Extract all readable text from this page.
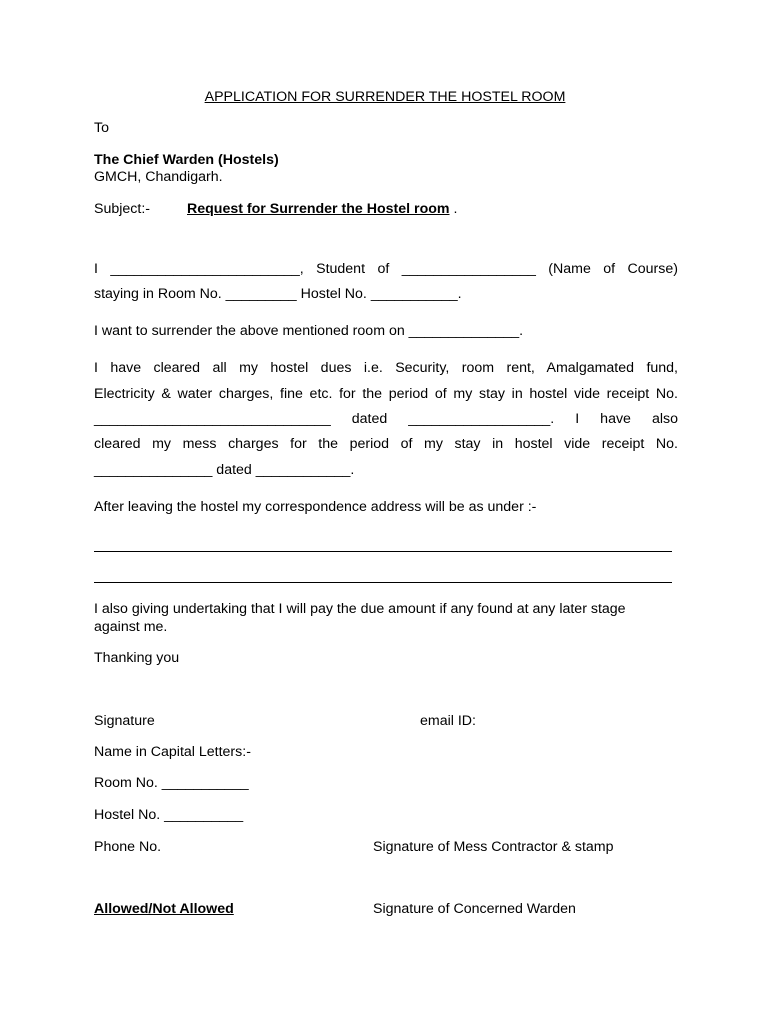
APPLICATION FOR SURRENDER THE HOSTEL ROOM
To
The Chief Warden (Hostels)
GMCH, Chandigarh.
Subject:-	Request for Surrender the Hostel room .
I ________________________, Student of _________________ (Name of Course)
staying in Room No. _________ Hostel No. ___________.
I want to surrender the above mentioned room on ______________.
I have cleared all my hostel dues i.e. Security, room rent, Amalgamated fund,
Electricity & water charges, fine etc. for the period of my stay in hostel vide receipt No.
______________________________ dated __________________. I have also
cleared my mess charges for the period of my stay in hostel vide receipt No.
_______________ dated ____________.
After leaving the hostel my correspondence address will be as under :-
I also giving undertaking that I will pay the due amount if any found at any later stage
against me.
Thanking you
Signature	email ID:
Name in Capital Letters:-
Room No. ___________
Hostel No. __________
Phone No.	Signature of Mess Contractor & stamp
Allowed/Not Allowed	Signature of Concerned Warden
